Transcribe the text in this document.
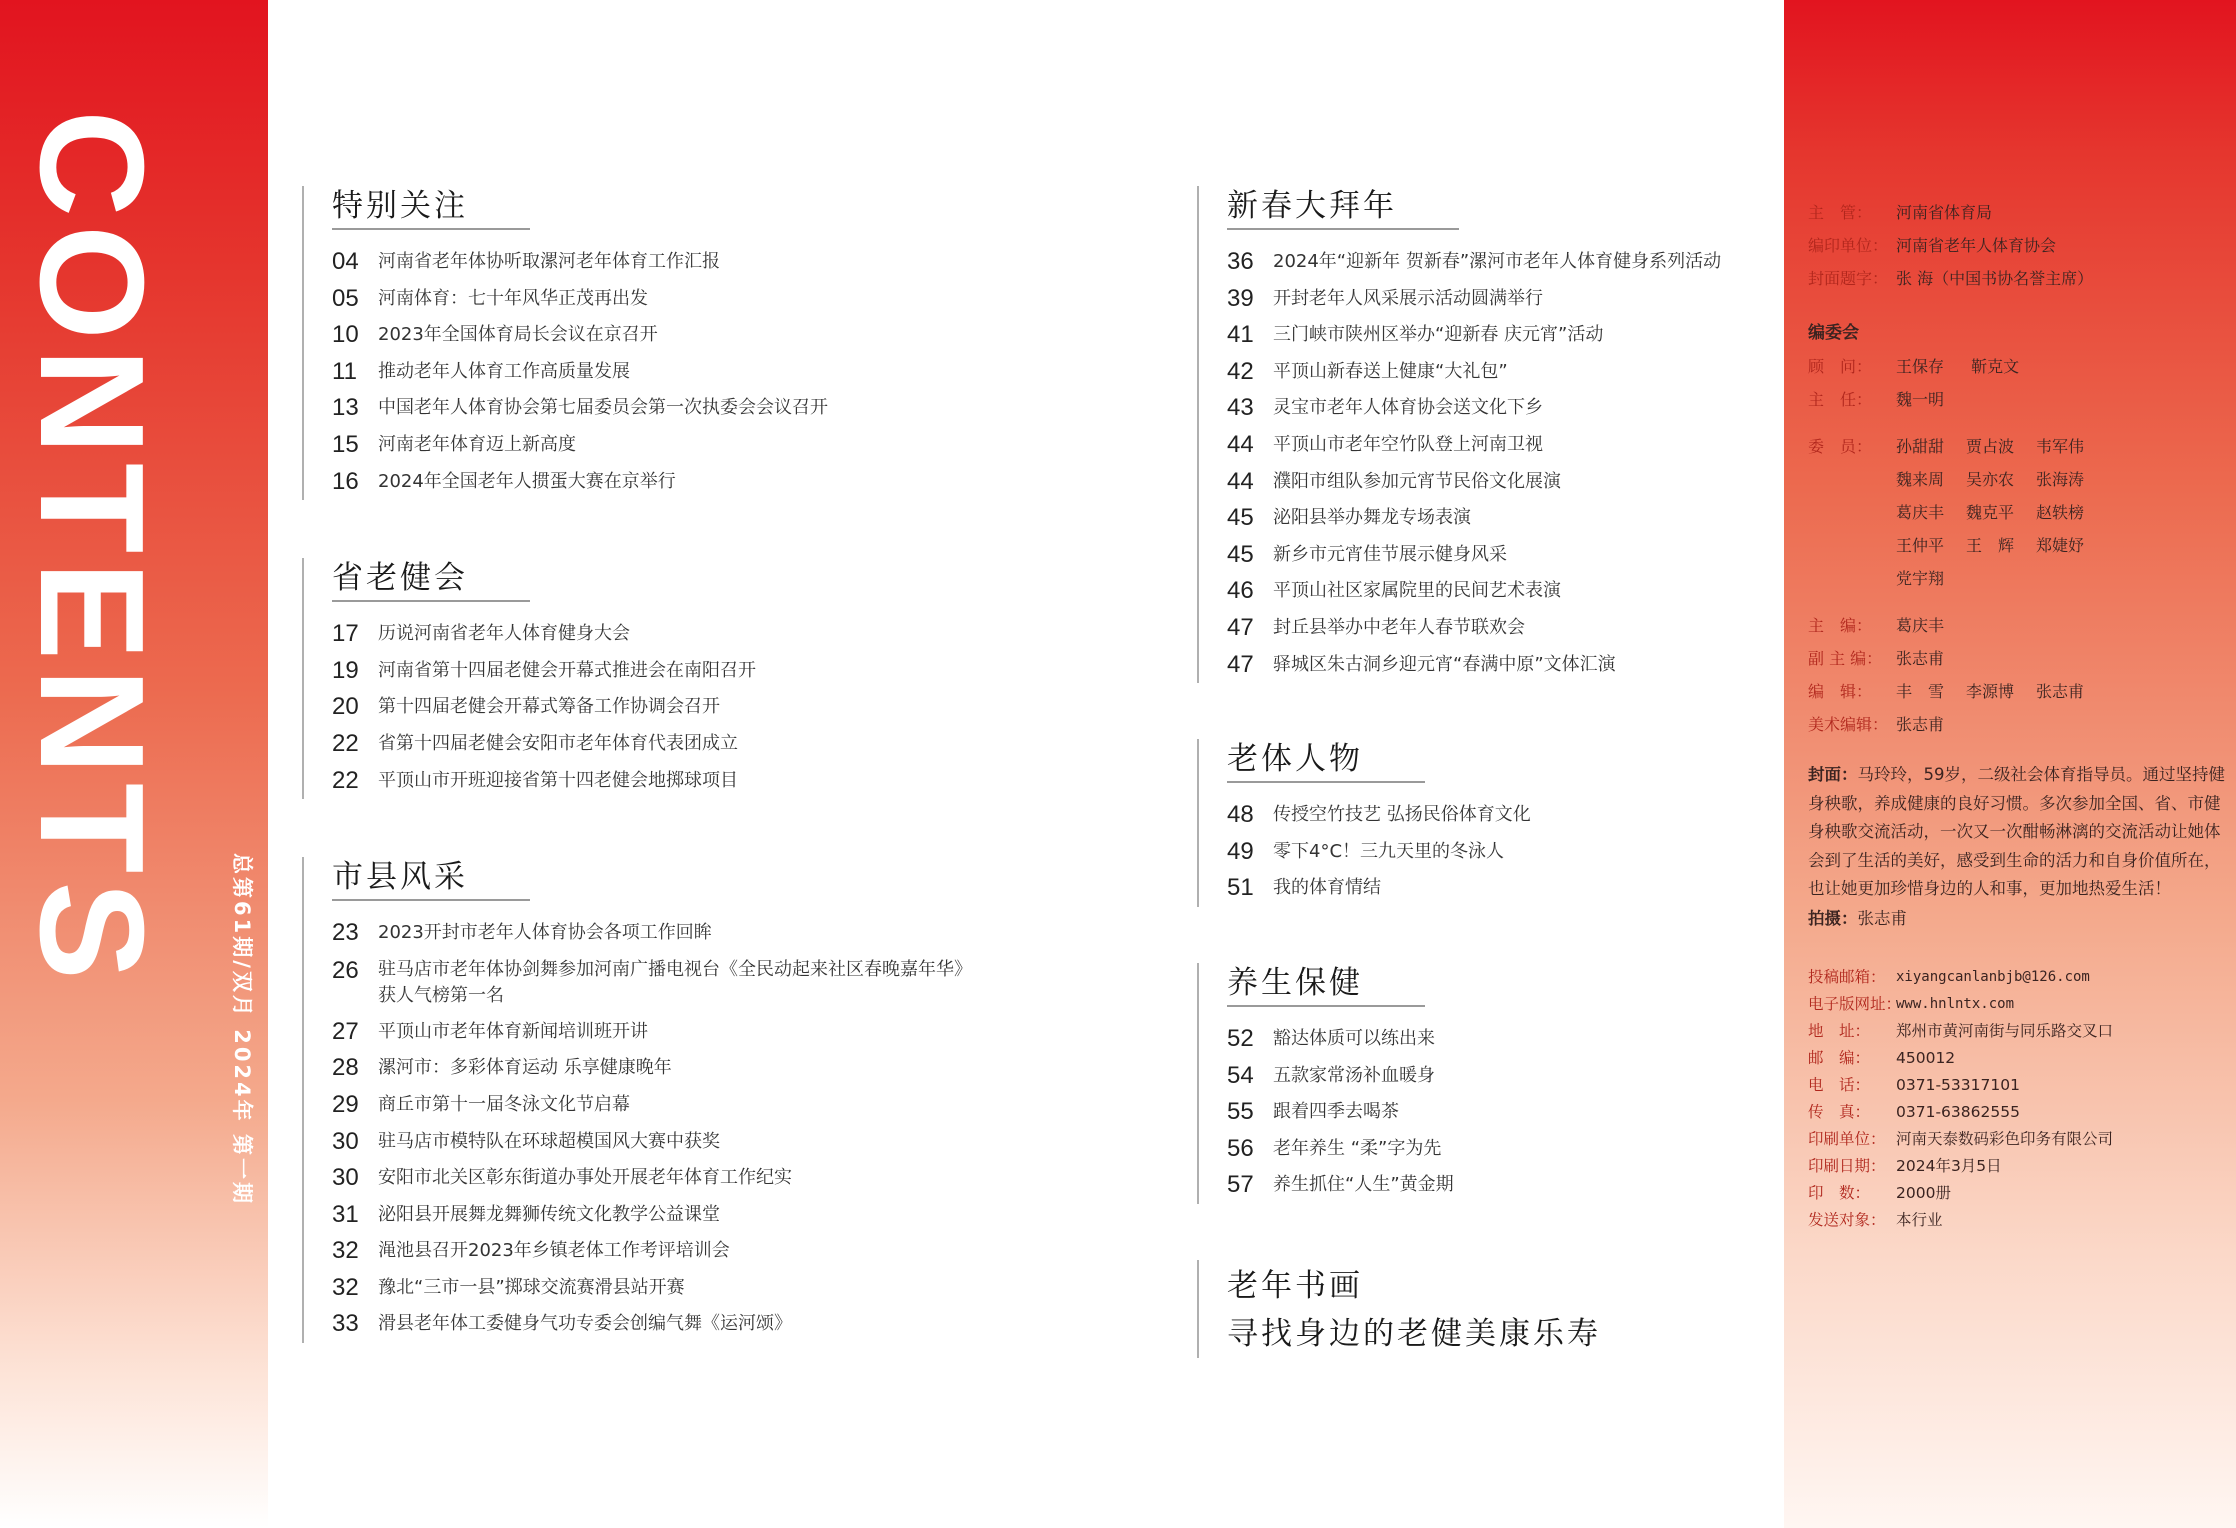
CONTENTS
总第61期/双月 2024年 第一期
特别关注
04	河南省老年体协听取漯河老年体育工作汇报
05	河南体育：七十年风华正茂再出发
10	2023年全国体育局长会议在京召开
11	推动老年人体育工作高质量发展
13	中国老年人体育协会第七届委员会第一次执委会会议召开
15	河南老年体育迈上新高度
16	2024年全国老年人掼蛋大赛在京举行
省老健会
17	历说河南省老年人体育健身大会
19	河南省第十四届老健会开幕式推进会在南阳召开
20	第十四届老健会开幕式筹备工作协调会召开
22	省第十四届老健会安阳市老年体育代表团成立
22	平顶山市开班迎接省第十四老健会地掷球项目
市县风采
23	2023开封市老年人体育协会各项工作回眸
26	驻马店市老年体协剑舞参加河南广播电视台《全民动起来社区春晚嘉年华》
获人气榜第一名
27	平顶山市老年体育新闻培训班开讲
28	漯河市：多彩体育运动 乐享健康晚年
29	商丘市第十一届冬泳文化节启幕
30	驻马店市模特队在环球超模国风大赛中获奖
30	安阳市北关区彰东街道办事处开展老年体育工作纪实
31	泌阳县开展舞龙舞狮传统文化教学公益课堂
32	渑池县召开2023年乡镇老体工作考评培训会
32	豫北“三市一县”掷球交流赛滑县站开赛
33	滑县老年体工委健身气功专委会创编气舞《运河颂》
新春大拜年
36	2024年“迎新年 贺新春”漯河市老年人体育健身系列活动
39	开封老年人风采展示活动圆满举行
41	三门峡市陕州区举办“迎新春 庆元宵”活动
42	平顶山新春送上健康“大礼包”
43	灵宝市老年人体育协会送文化下乡
44	平顶山市老年空竹队登上河南卫视
44	濮阳市组队参加元宵节民俗文化展演
45	泌阳县举办舞龙专场表演
45	新乡市元宵佳节展示健身风采
46	平顶山社区家属院里的民间艺术表演
47	封丘县举办中老年人春节联欢会
47	驿城区朱古洞乡迎元宵“春满中原”文体汇演
老体人物
48	传授空竹技艺 弘扬民俗体育文化
49	零下4°C！三九天里的冬泳人
51	我的体育情结
养生保健
52	豁达体质可以练出来
54	五款家常汤补血暖身
55	跟着四季去喝茶
56	老年养生 “柔”字为先
57	养生抓住“人生”黄金期
老年书画
寻找身边的老健美康乐寿
主　管：	河南省体育局
编印单位： 河南省老年人体育协会
封面题字： 张 海（中国书协名誉主席）
编委会
顾　问：	王保存 靳克文
主　任：	魏一明
委　员：	孙甜甜 贾占波 韦军伟
魏来周 吴亦农 张海涛
葛庆丰 魏克平 赵轶榜
王仲平 王　辉 郑婕妤
党宇翔
主　编：	葛庆丰
副 主 编： 张志甫
编　辑：	丰　雪 李源博 张志甫
美术编辑： 张志甫
封面：马玲玲，59岁，二级社会体育指导员。通过坚持健身秧歌，养成健康的良好习惯。多次参加全国、省、市健身秧歌交流活动，一次又一次酣畅淋漓的交流活动让她体会到了生活的美好，感受到生命的活力和自身价值所在，也让她更加珍惜身边的人和事，更加地热爱生活！
拍摄：张志甫
投稿邮箱： xiyangcanlanbjb@126.com
电子版网址：
www.hnlntx.com
地　址：	郑州市黄河南街与同乐路交叉口
邮　编：	450012
电　话：	0371-53317101
传　真：	0371-63862555
印刷单位： 河南天泰数码彩色印务有限公司
印刷日期： 2024年3月5日
印　数：	2000册
发送对象： 本行业
